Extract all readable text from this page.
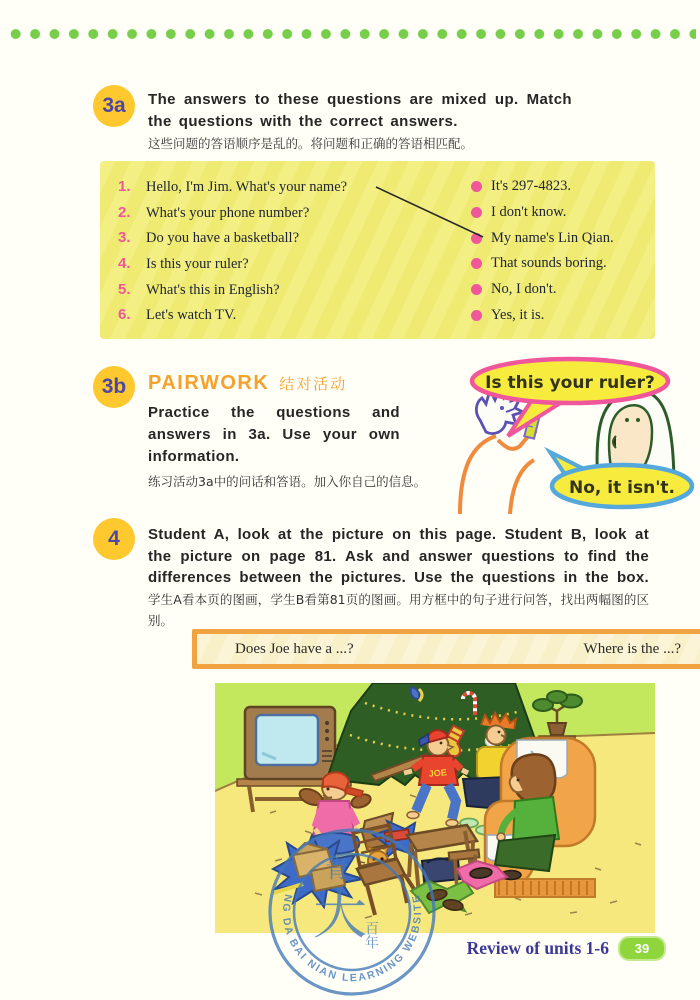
3a The answers to these questions are mixed up. Match the questions with the correct answers.
这些问题的答语顺序是乱的。将问题和正确的答语相匹配。
1.	Hello, I'm Jim. What's your name?	It's 297-4823.
2.	What's your phone number?	I don't know.
3.	Do you have a basketball?	My name's Lin Qian.
4.	Is this your ruler?	That sounds boring.
5.	What's this in English?	No, I don't.
6.	Let's watch TV.	Yes, it is.
3b PAIRWORK 结对活动
Practice the questions and answers in 3a. Use your own information.
练习活动3a中的问话和答语。加入你自己的信息。
Is this your ruler?
No, it isn't.
4 Student A, look at the picture on this page. Student B, look at the picture on page 81. Ask and answer questions to find the differences between the pictures. Use the questions in the box. 学生A看本页的图画，学生B看第81页的图画。用方框中的句子进行问答，找出两幅图的区别。
Does Joe have a ...?	Where is the ...?
JOE
NG DA BAI NIAN LEARNING WEBSITE
青
大
百年	Review of units 1-6	39
